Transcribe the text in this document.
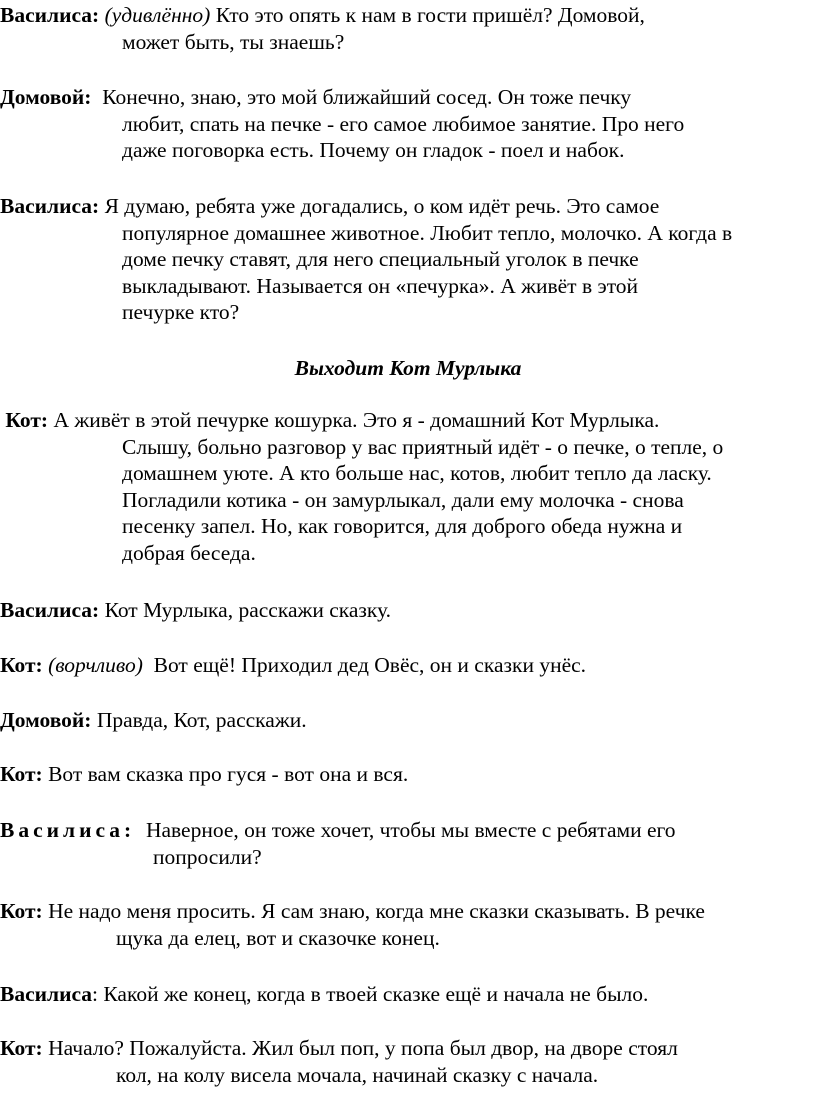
Василиса: (удивлённо) Кто это опять к нам в гости пришёл? Домовой,
может быть, ты знаешь?

Домовой: Конечно, знаю, это мой ближайший сосед. Он тоже печку
любит, спать на печке - его самое любимое занятие. Про него
даже поговорка есть. Почему он гладок - поел и набок.

Василиса: Я думаю, ребята уже догадались, о ком идёт речь. Это самое
популярное домашнее животное. Любит тепло, молочко. А когда в
доме печку ставят, для него специальный уголок в печке
выкладывают. Называется он «печурка». А живёт в этой
печурке кто?

Выходит Кот Мурлыка

Кот: А живёт в этой печурке кошурка. Это я - домашний Кот Мурлыка.
Слышу, больно разговор у вас приятный идёт - о печке, о тепле, о
домашнем уюте. А кто больше нас, котов, любит тепло да ласку.
Погладили котика - он замурлыкал, дали ему молочка - снова
песенку запел. Но, как говорится, для доброго обеда нужна и
добрая беседа.

Василиса: Кот Мурлыка, расскажи сказку.

Кот: (ворчливо) Вот ещё! Приходил дед Овёс, он и сказки унёс.

Домовой: Правда, Кот, расскажи.

Кот: Вот вам сказка про гуся - вот она и вся.

Василиса: Наверное, он тоже хочет, чтобы мы вместе с ребятами его
попросили?

Кот: Не надо меня просить. Я сам знаю, когда мне сказки сказывать. В речке
щука да елец, вот и сказочке конец.

Василиса: Какой же конец, когда в твоей сказке ещё и начала не было.

Кот: Начало? Пожалуйста. Жил был поп, у попа был двор, на дворе стоял
кол, на колу висела мочала, начинай сказку с начала.
